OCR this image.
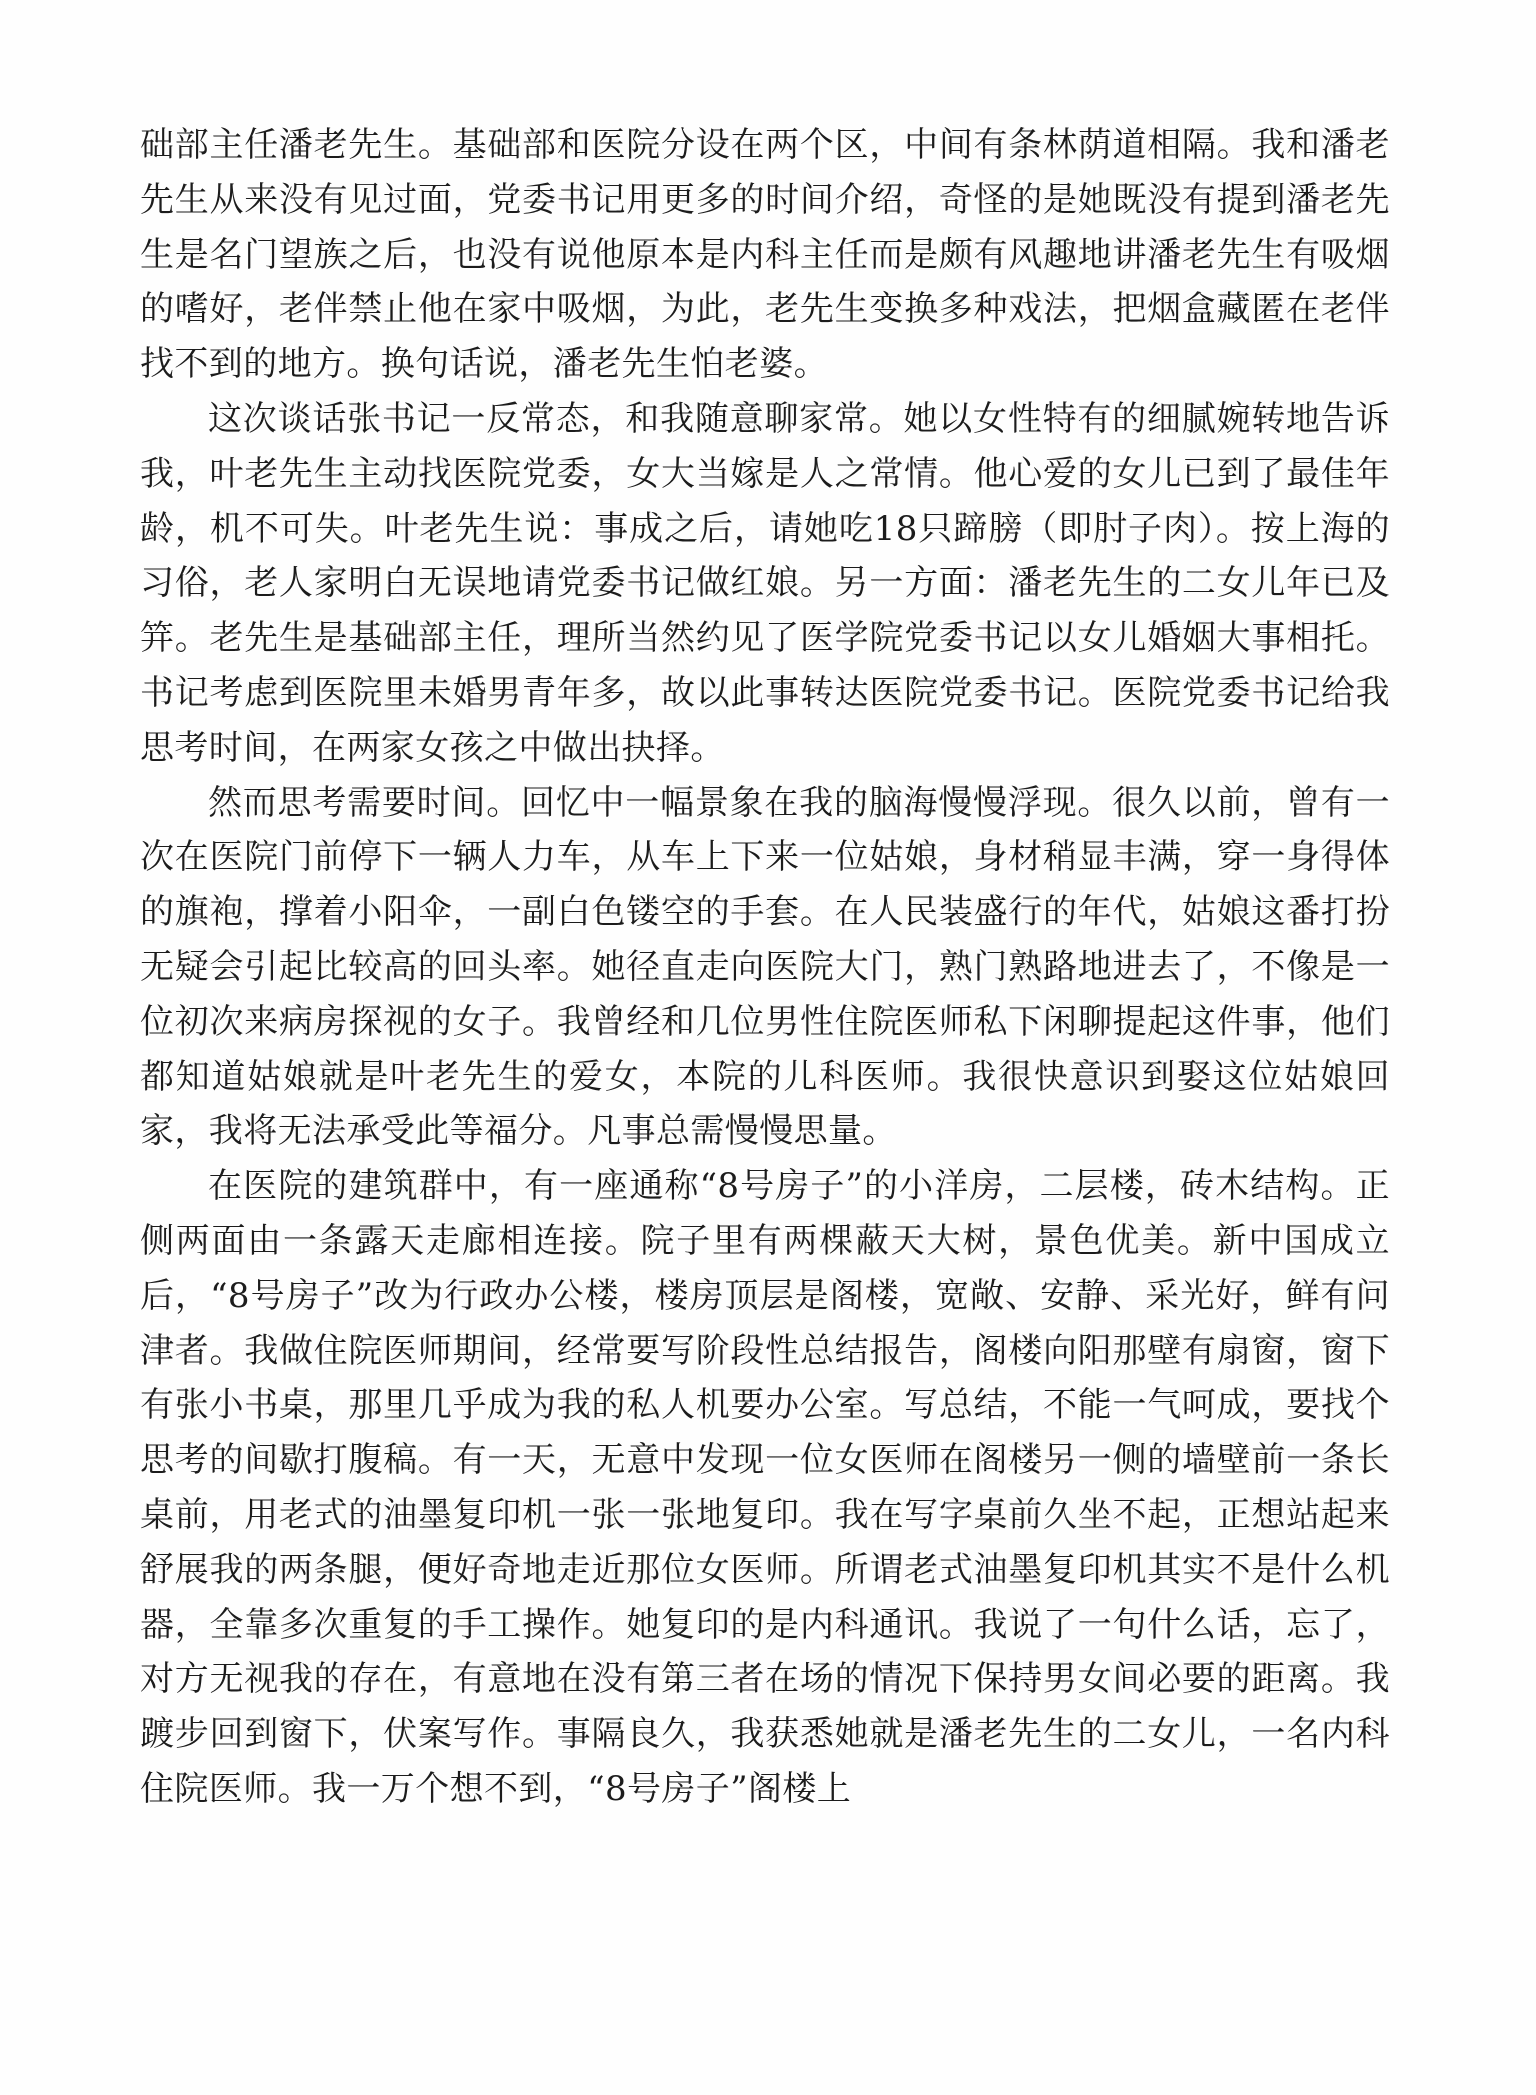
础部主任潘老先生。基础部和医院分设在两个区，中间有条林荫道相隔。我和潘老先生从来没有见过面，党委书记用更多的时间介绍，奇怪的是她既没有提到潘老先生是名门望族之后，也没有说他原本是内科主任而是颇有风趣地讲潘老先生有吸烟的嗜好，老伴禁止他在家中吸烟，为此，老先生变换多种戏法，把烟盒藏匿在老伴找不到的地方。换句话说，潘老先生怕老婆。

这次谈话张书记一反常态，和我随意聊家常。她以女性特有的细腻婉转地告诉我，叶老先生主动找医院党委，女大当嫁是人之常情。他心爱的女儿已到了最佳年龄，机不可失。叶老先生说：事成之后，请她吃18只蹄膀（即肘子肉）。按上海的习俗，老人家明白无误地请党委书记做红娘。另一方面：潘老先生的二女儿年已及笄。老先生是基础部主任，理所当然约见了医学院党委书记以女儿婚姻大事相托。书记考虑到医院里未婚男青年多，故以此事转达医院党委书记。医院党委书记给我思考时间，在两家女孩之中做出抉择。

然而思考需要时间。回忆中一幅景象在我的脑海慢慢浮现。很久以前，曾有一次在医院门前停下一辆人力车，从车上下来一位姑娘，身材稍显丰满，穿一身得体的旗袍，撑着小阳伞，一副白色镂空的手套。在人民装盛行的年代，姑娘这番打扮无疑会引起比较高的回头率。她径直走向医院大门，熟门熟路地进去了，不像是一位初次来病房探视的女子。我曾经和几位男性住院医师私下闲聊提起这件事，他们都知道姑娘就是叶老先生的爱女，本院的儿科医师。我很快意识到娶这位姑娘回家，我将无法承受此等福分。凡事总需慢慢思量。

在医院的建筑群中，有一座通称“8号房子”的小洋房，二层楼，砖木结构。正侧两面由一条露天走廊相连接。院子里有两棵蔽天大树，景色优美。新中国成立后，“8号房子”改为行政办公楼，楼房顶层是阁楼，宽敞、安静、采光好，鲜有问津者。我做住院医师期间，经常要写阶段性总结报告，阁楼向阳那壁有扇窗，窗下有张小书桌，那里几乎成为我的私人机要办公室。写总结，不能一气呵成，要找个思考的间歇打腹稿。有一天，无意中发现一位女医师在阁楼另一侧的墙壁前一条长桌前，用老式的油墨复印机一张一张地复印。我在写字桌前久坐不起，正想站起来舒展我的两条腿，便好奇地走近那位女医师。所谓老式油墨复印机其实不是什么机器，全靠多次重复的手工操作。她复印的是内科通讯。我说了一句什么话，忘了，对方无视我的存在，有意地在没有第三者在场的情况下保持男女间必要的距离。我踱步回到窗下，伏案写作。事隔良久，我获悉她就是潘老先生的二女儿，一名内科住院医师。我一万个想不到，“8号房子”阁楼上
